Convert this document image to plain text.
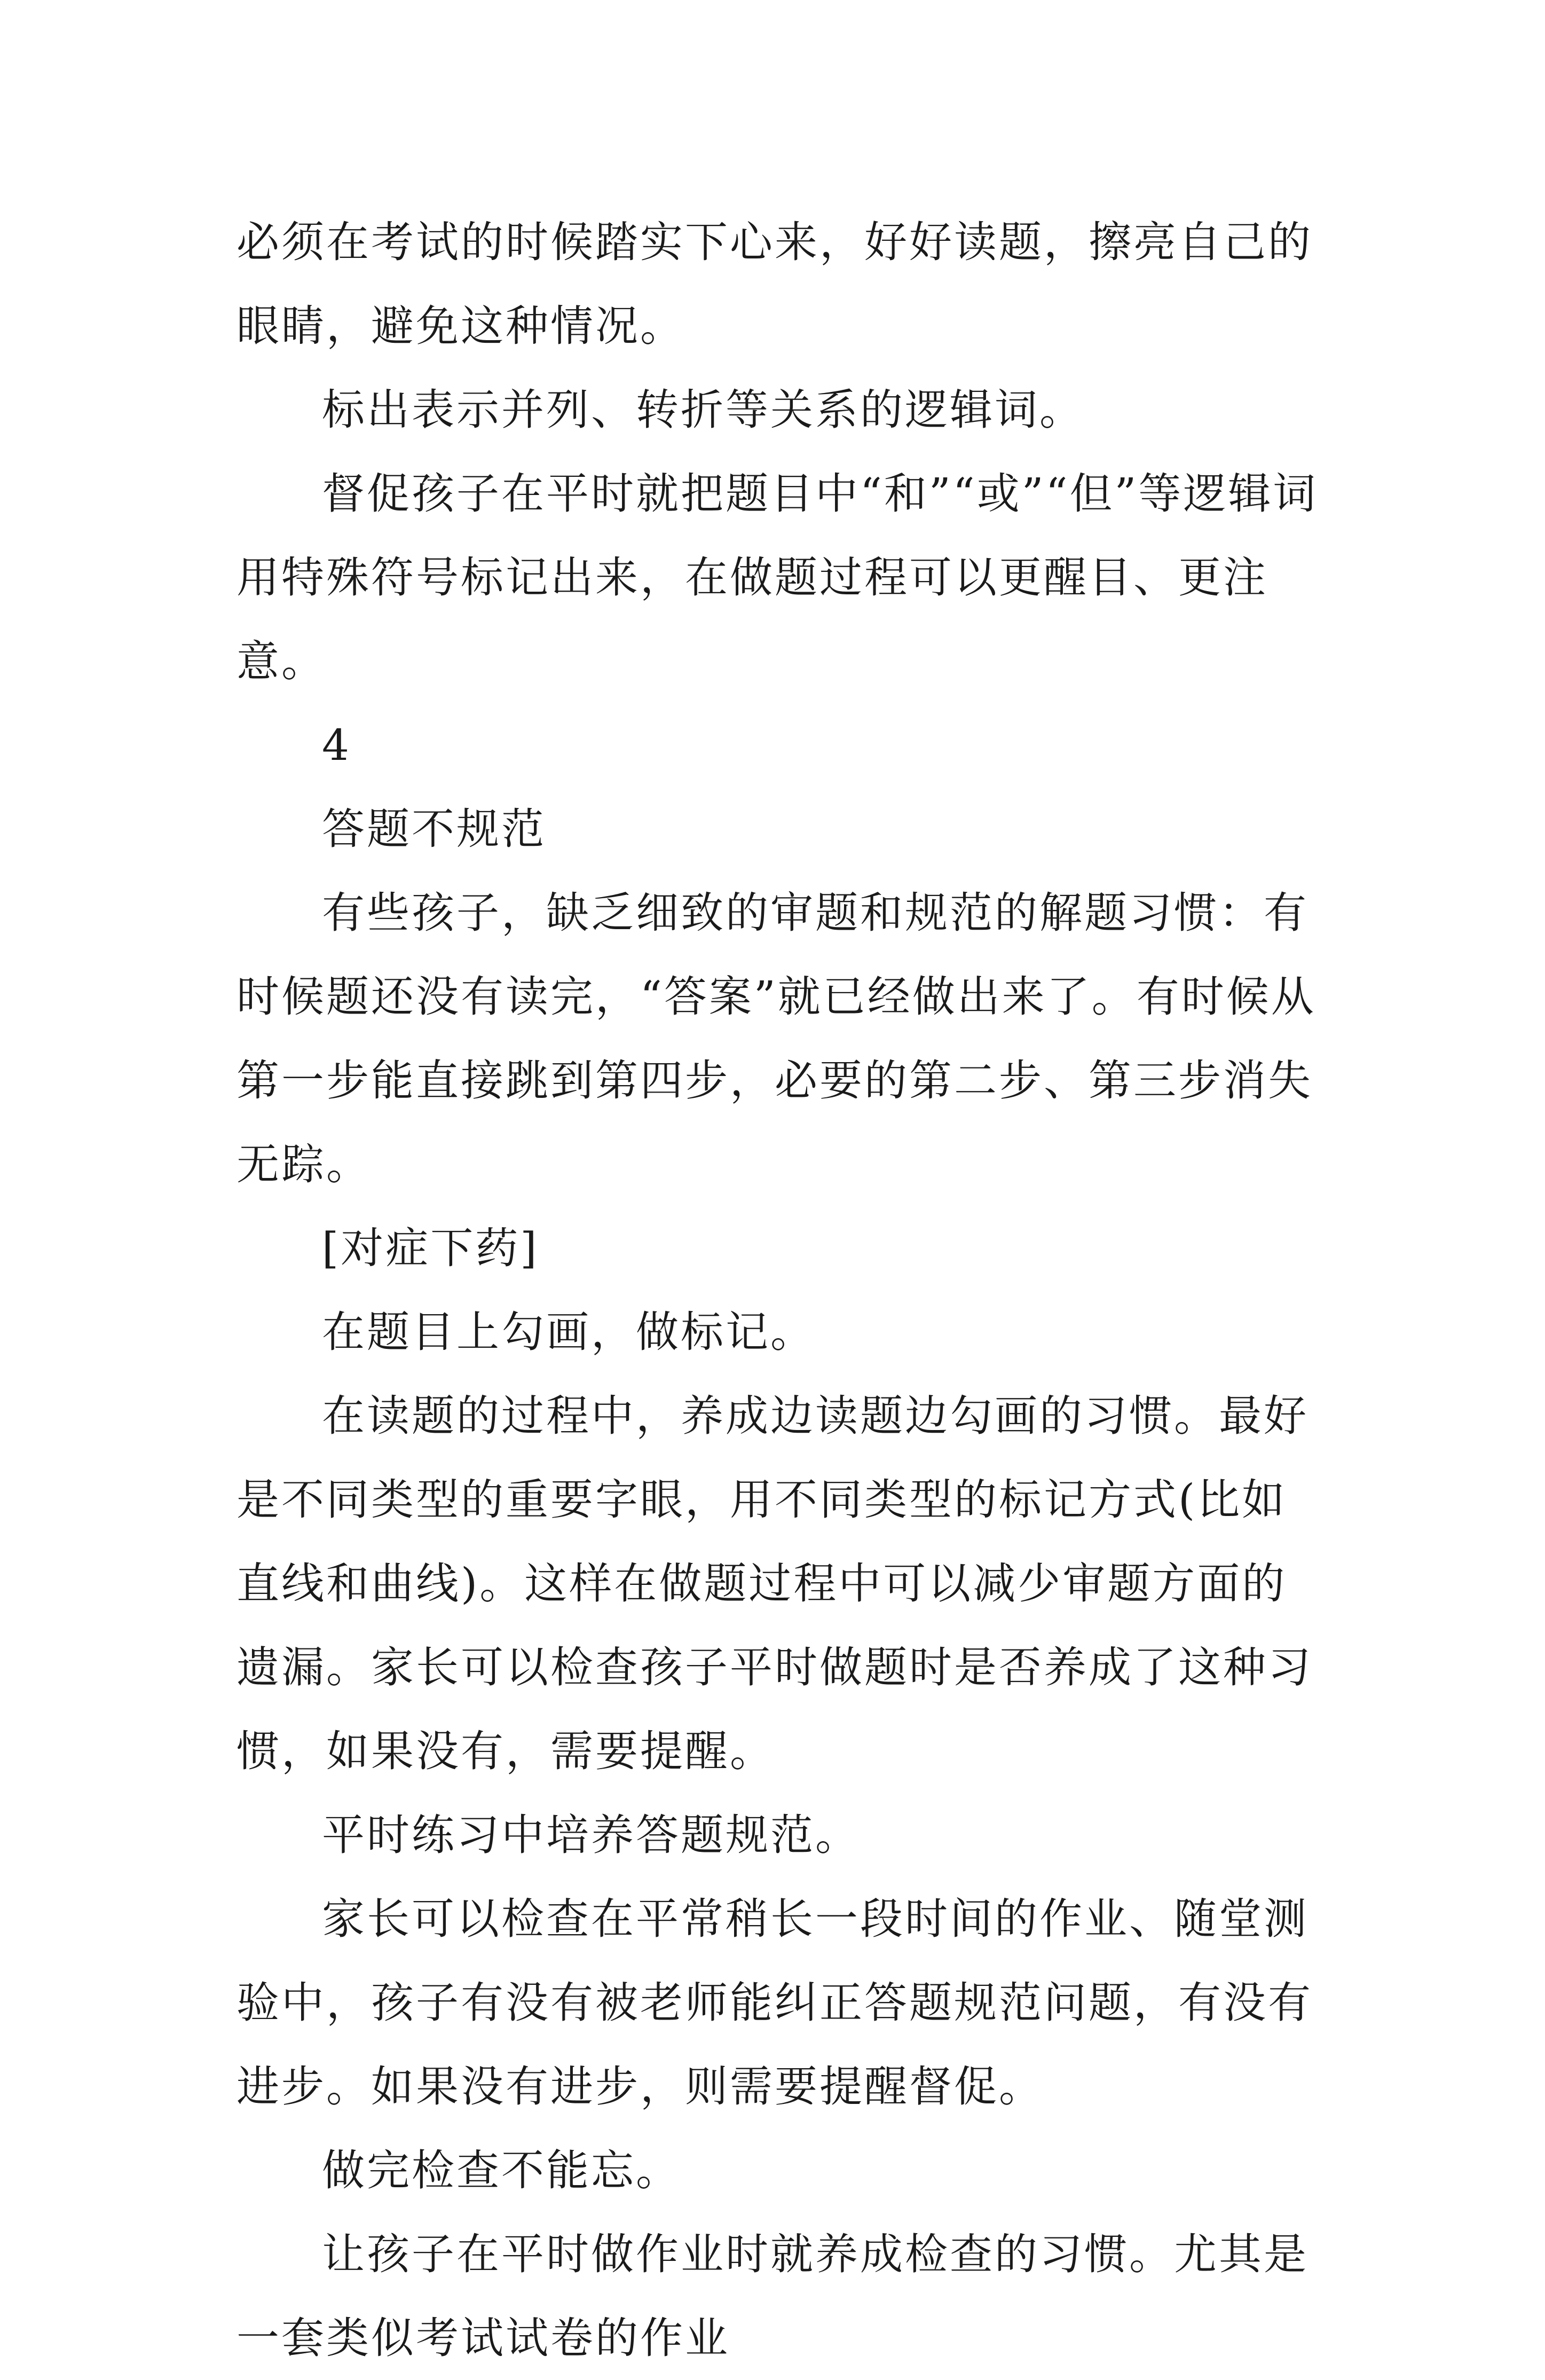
必须在考试的时候踏实下心来，好好读题，擦亮自己的眼睛，避免这种情况。

标出表示并列、转折等关系的逻辑词。

督促孩子在平时就把题目中“和”“或”“但”等逻辑词用特殊符号标记出来，在做题过程可以更醒目、更注意。

4

答题不规范

有些孩子，缺乏细致的审题和规范的解题习惯：有时候题还没有读完，“答案”就已经做出来了。有时候从第一步能直接跳到第四步，必要的第二步、第三步消失无踪。

[对症下药]

在题目上勾画，做标记。

在读题的过程中，养成边读题边勾画的习惯。最好是不同类型的重要字眼，用不同类型的标记方式(比如直线和曲线)。这样在做题过程中可以减少审题方面的遗漏。家长可以检查孩子平时做题时是否养成了这种习惯，如果没有，需要提醒。

平时练习中培养答题规范。

家长可以检查在平常稍长一段时间的作业、随堂测验中，孩子有没有被老师能纠正答题规范问题，有没有进步。如果没有进步，则需要提醒督促。

做完检查不能忘。

让孩子在平时做作业时就养成检查的习惯。尤其是一套类似考试试卷的作业
